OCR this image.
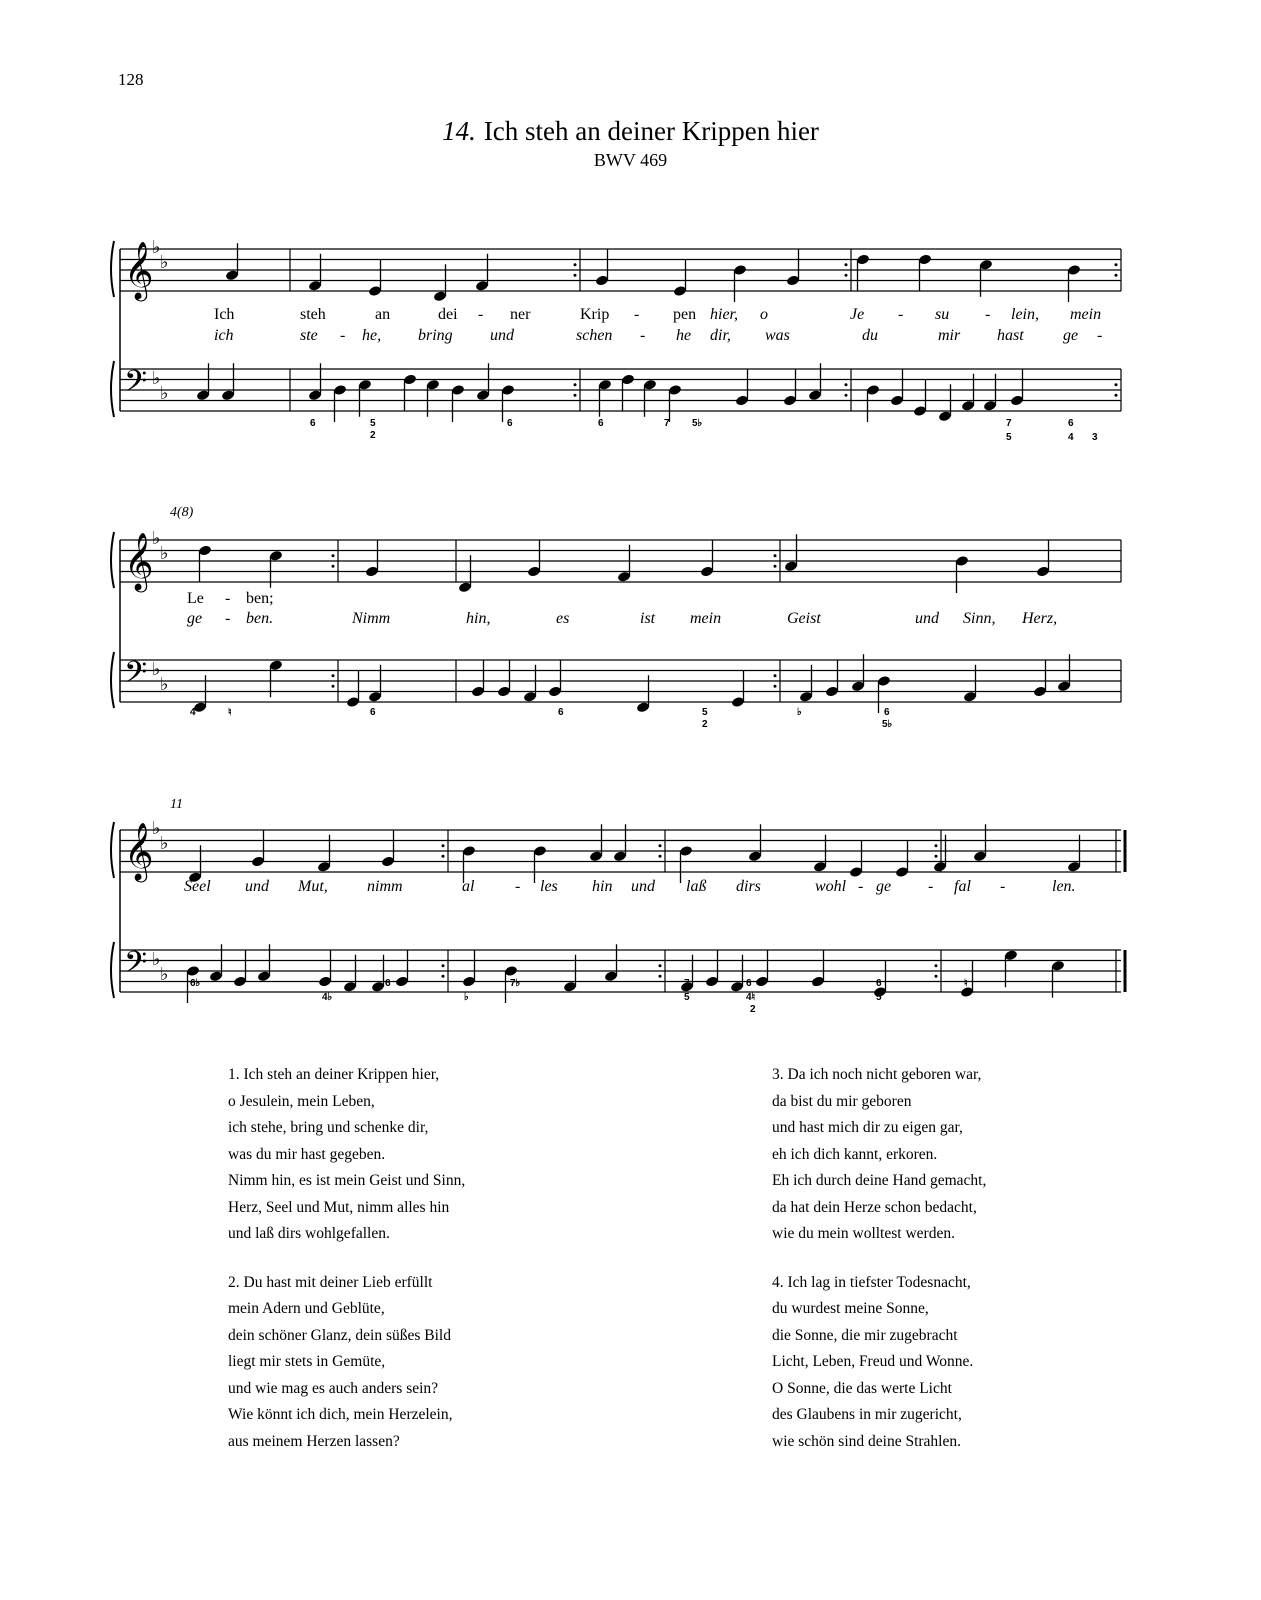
128
14. Ich steh an deiner Krippen hier
BWV 469
𝄞
♭
♭
𝄢 ♭
♭
Ich	steh	an	dei - ner	Krip - pen hier, o	Je - su - lein, mein
ich	ste - he, bring und	schen - he dir, was	du	mir hast ge -
6	5
2
6	6	7 5♭	7
5
6
4 3
𝄞
♭
♭
𝄢 ♭
♭
Le - ben;
ge - ben.	Nimm	hin,	es	ist mein	Geist	und Sinn, Herz,
4	♮	6	6	5
2
♭	6
5♭
𝄞
♭
♭
𝄢 ♭
♭
Seel und Mut, nimm	al	- les hin und laß dirs	wohl - ge - fal -	len.
6♭	6
4♭
6	7
♭
7♭	7
5
6
4♮
2
6	6
5
♮
4(8)
11
1. Ich steh an deiner Krippen hier,
o Jesulein, mein Leben,
ich stehe, bring und schenke dir,
was du mir hast gegeben.
Nimm hin, es ist mein Geist und Sinn,
Herz, Seel und Mut, nimm alles hin
und laß dirs wohlgefallen.
2. Du hast mit deiner Lieb erfüllt
mein Adern und Geblüte,
dein schöner Glanz, dein süßes Bild
liegt mir stets in Gemüte,
und wie mag es auch anders sein?
Wie könnt ich dich, mein Herzelein,
aus meinem Herzen lassen?
3. Da ich noch nicht geboren war,
da bist du mir geboren
und hast mich dir zu eigen gar,
eh ich dich kannt, erkoren.
Eh ich durch deine Hand gemacht,
da hat dein Herze schon bedacht,
wie du mein wolltest werden.
4. Ich lag in tiefster Todesnacht,
du wurdest meine Sonne,
die Sonne, die mir zugebracht
Licht, Leben, Freud und Wonne.
O Sonne, die das werte Licht
des Glaubens in mir zugericht,
wie schön sind deine Strahlen.
